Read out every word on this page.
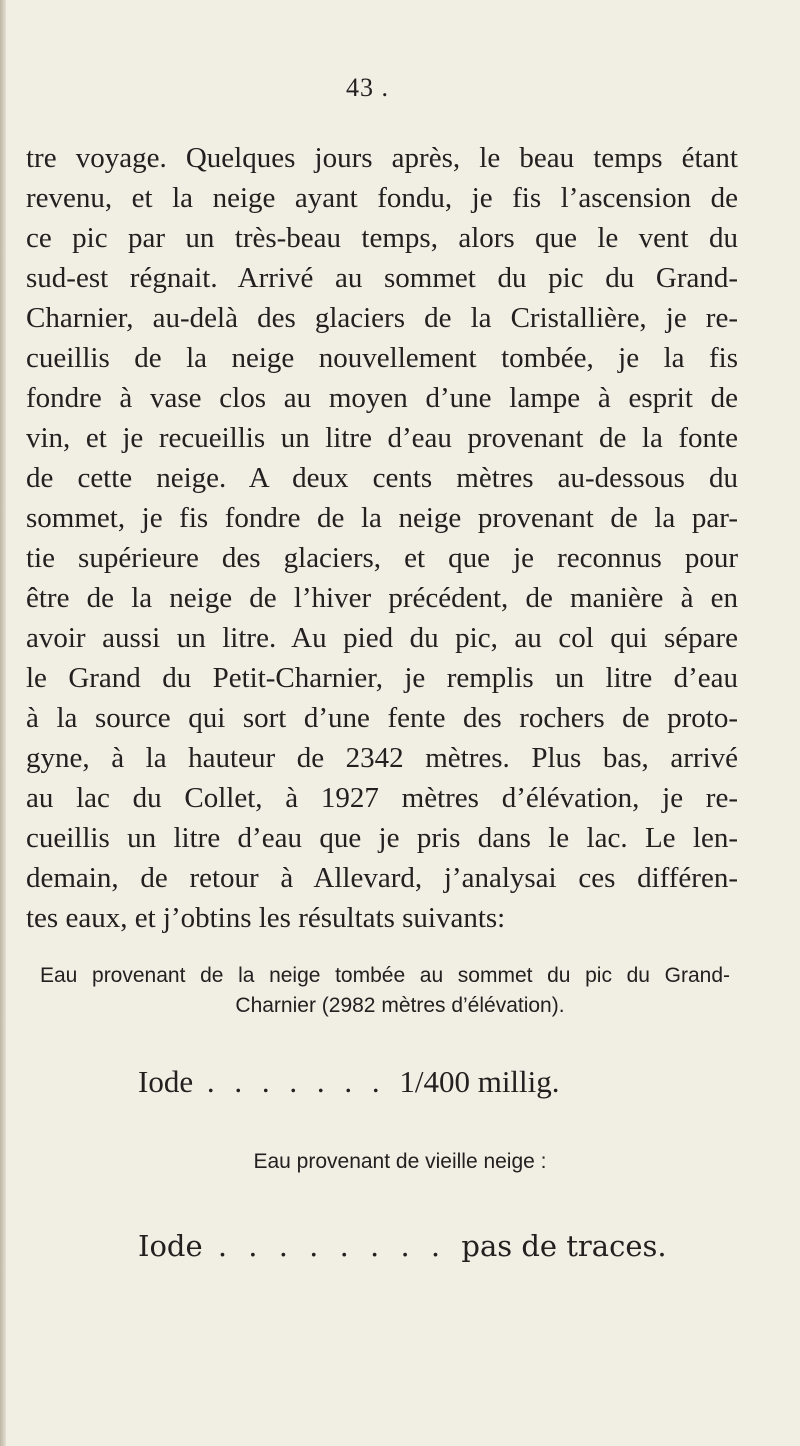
43 .
tre voyage. Quelques jours après, le beau temps étant
revenu, et la neige ayant fondu, je fis l’ascension de
ce pic par un très-beau temps, alors que le vent du
sud-est régnait. Arrivé au sommet du pic du Grand-
Charnier, au-delà des glaciers de la Cristallière, je re-
cueillis de la neige nouvellement tombée, je la fis
fondre à vase clos au moyen d’une lampe à esprit de
vin, et je recueillis un litre d’eau provenant de la fonte
de cette neige. A deux cents mètres au-dessous du
sommet, je fis fondre de la neige provenant de la par-
tie supérieure des glaciers, et que je reconnus pour
être de la neige de l’hiver précédent, de manière à en
avoir aussi un litre. Au pied du pic, au col qui sépare
le Grand du Petit-Charnier, je remplis un litre d’eau
à la source qui sort d’une fente des rochers de proto-
gyne, à la hauteur de 2342 mètres. Plus bas, arrivé
au lac du Collet, à 1927 mètres d’élévation, je re-
cueillis un litre d’eau que je pris dans le lac. Le len-
demain, de retour à Allevard, j’analysai ces différen-
tes eaux, et j’obtins les résultats suivants:
Eau provenant de la neige tombée au sommet du pic du Grand-
Charnier (2982 mètres d’élévation).
Iode . . . . . . . 1/400 millig.
Eau provenant de vieille neige :
Iode . . . . . . . . pas de traces.
